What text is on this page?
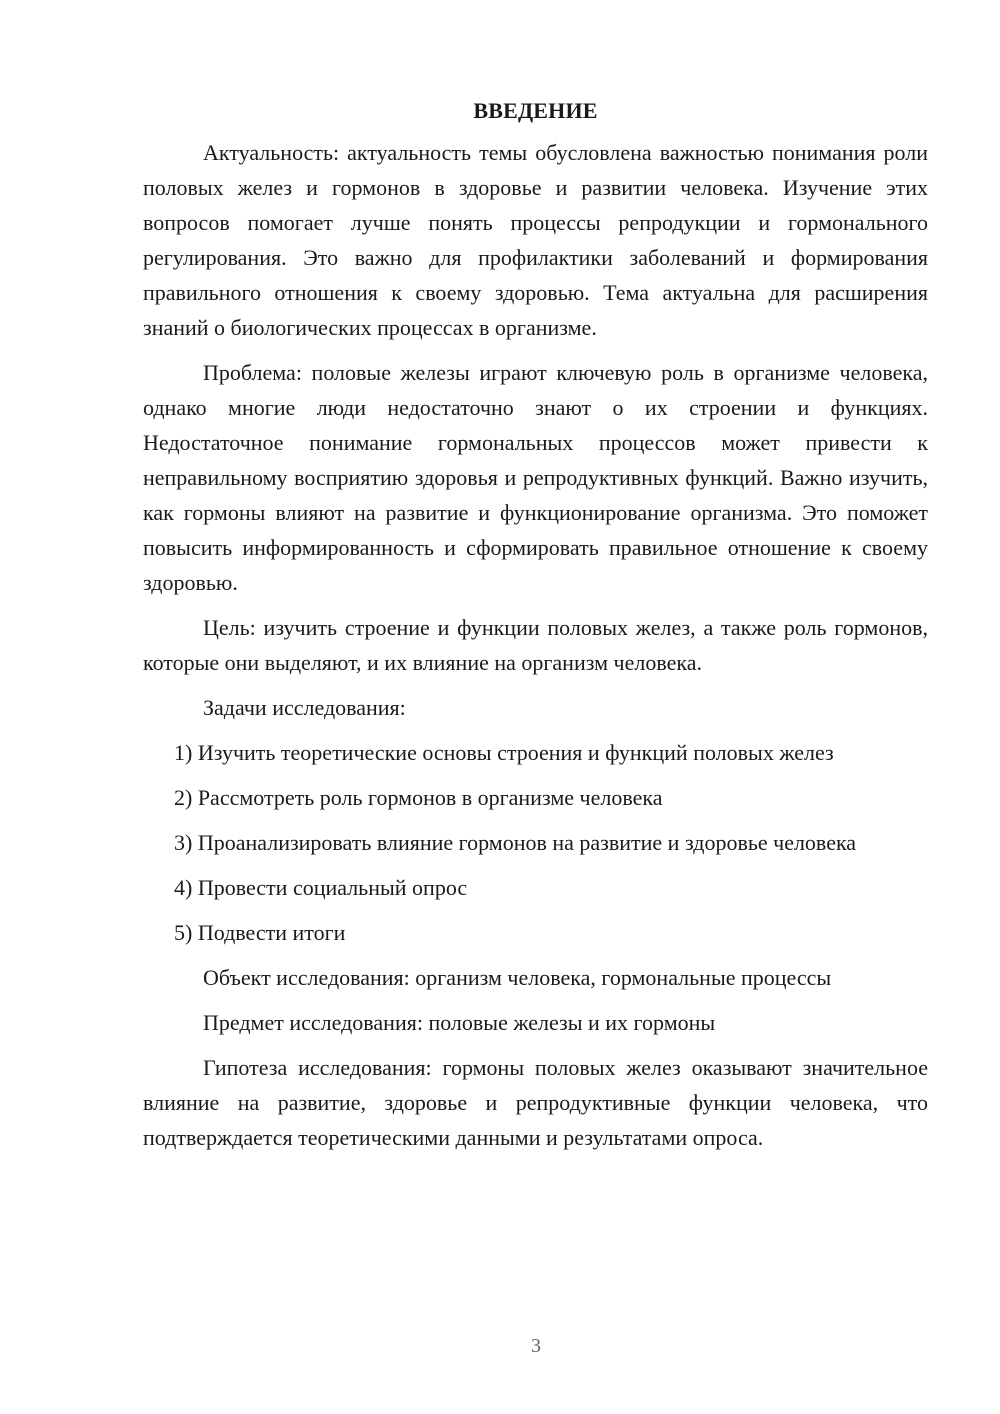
ВВЕДЕНИЕ

Актуальность: актуальность темы обусловлена важностью понимания роли половых желез и гормонов в здоровье и развитии человека. Изучение этих вопросов помогает лучше понять процессы репродукции и гормонального регулирования. Это важно для профилактики заболеваний и формирования правильного отношения к своему здоровью. Тема актуальна для расширения знаний о биологических процессах в организме.

Проблема: половые железы играют ключевую роль в организме человека, однако многие люди недостаточно знают о их строении и функциях. Недостаточное понимание гормональных процессов может привести к неправильному восприятию здоровья и репродуктивных функций. Важно изучить, как гормоны влияют на развитие и функционирование организма. Это поможет повысить информированность и сформировать правильное отношение к своему здоровью.

Цель: изучить строение и функции половых желез, а также роль гормонов, которые они выделяют, и их влияние на организм человека.

Задачи исследования:

1) Изучить теоретические основы строения и функций половых желез

2) Рассмотреть роль гормонов в организме человека

3) Проанализировать влияние гормонов на развитие и здоровье человека

4) Провести социальный опрос

5) Подвести итоги

Объект исследования: организм человека, гормональные процессы

Предмет исследования: половые железы и их гормоны

Гипотеза исследования: гормоны половых желез оказывают значительное влияние на развитие, здоровье и репродуктивные функции человека, что подтверждается теоретическими данными и результатами опроса.

3
